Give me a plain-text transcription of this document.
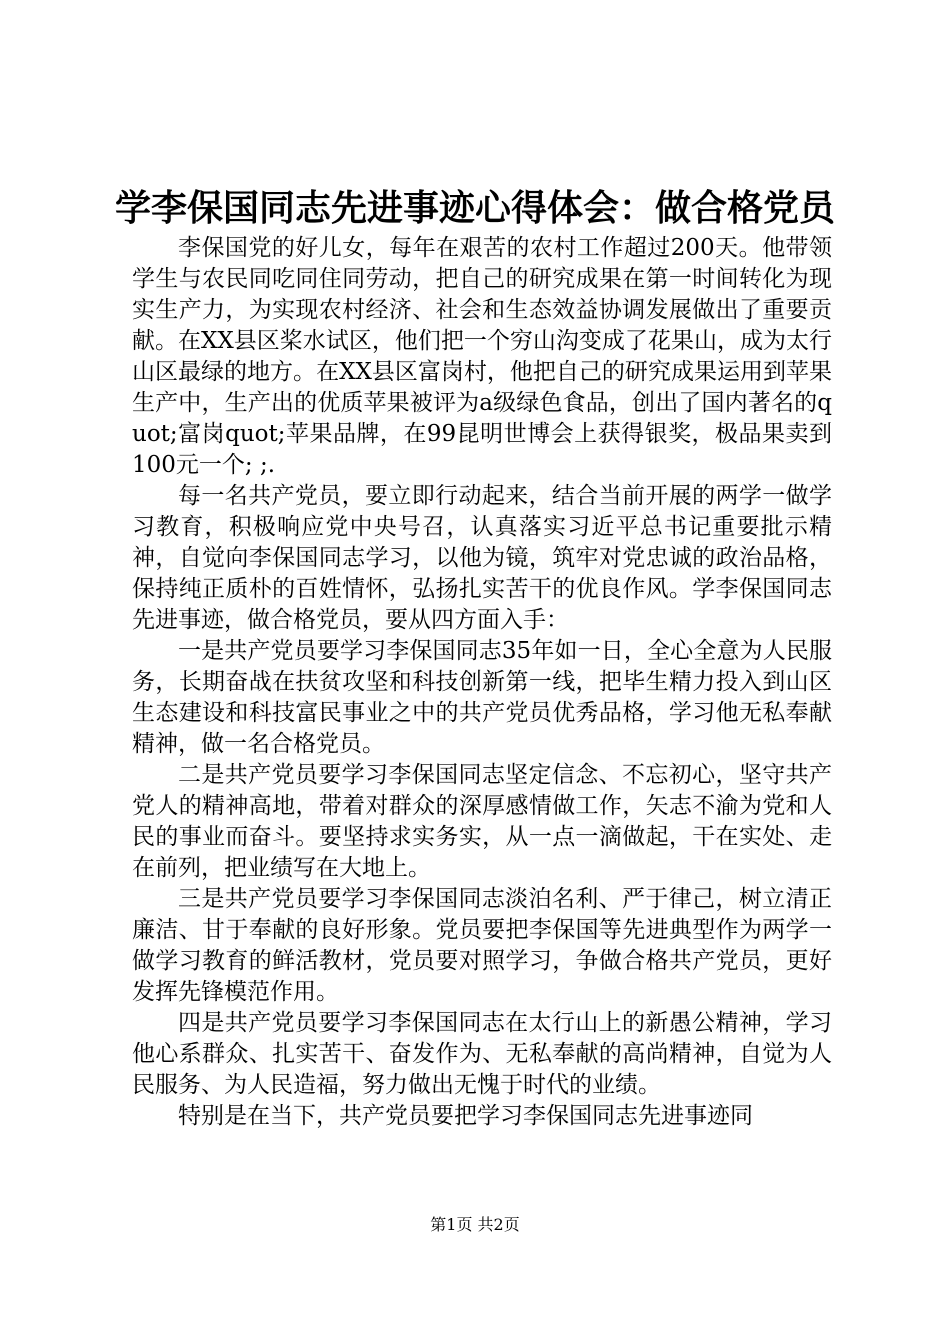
学李保国同志先进事迹心得体会：做合格党员

李保国党的好儿女，每年在艰苦的农村工作超过200天。他带领学生与农民同吃同住同劳动，把自己的研究成果在第一时间转化为现实生产力，为实现农村经济、社会和生态效益协调发展做出了重要贡献。在XX县区桨水试区，他们把一个穷山沟变成了花果山，成为太行山区最绿的地方。在XX县区富岗村，他把自己的研究成果运用到苹果生产中，生产出的优质苹果被评为a级绿色食品，创出了国内著名的quot;富岗quot;苹果品牌，在99昆明世博会上获得银奖，极品果卖到100元一个; ;.

每一名共产党员，要立即行动起来，结合当前开展的两学一做学习教育，积极响应党中央号召，认真落实习近平总书记重要批示精神，自觉向李保国同志学习，以他为镜，筑牢对党忠诚的政治品格，保持纯正质朴的百姓情怀，弘扬扎实苦干的优良作风。学李保国同志先进事迹，做合格党员，要从四方面入手：

一是共产党员要学习李保国同志35年如一日，全心全意为人民服务，长期奋战在扶贫攻坚和科技创新第一线，把毕生精力投入到山区生态建设和科技富民事业之中的共产党员优秀品格，学习他无私奉献精神，做一名合格党员。

二是共产党员要学习李保国同志坚定信念、不忘初心，坚守共产党人的精神高地，带着对群众的深厚感情做工作，矢志不渝为党和人民的事业而奋斗。要坚持求实务实，从一点一滴做起，干在实处、走在前列，把业绩写在大地上。

三是共产党员要学习李保国同志淡泊名利、严于律己，树立清正廉洁、甘于奉献的良好形象。党员要把李保国等先进典型作为两学一做学习教育的鲜活教材，党员要对照学习，争做合格共产党员，更好发挥先锋模范作用。

四是共产党员要学习李保国同志在太行山上的新愚公精神，学习他心系群众、扎实苦干、奋发作为、无私奉献的高尚精神，自觉为人民服务、为人民造福，努力做出无愧于时代的业绩。

特别是在当下，共产党员要把学习李保国同志先进事迹同

第1页 共2页
